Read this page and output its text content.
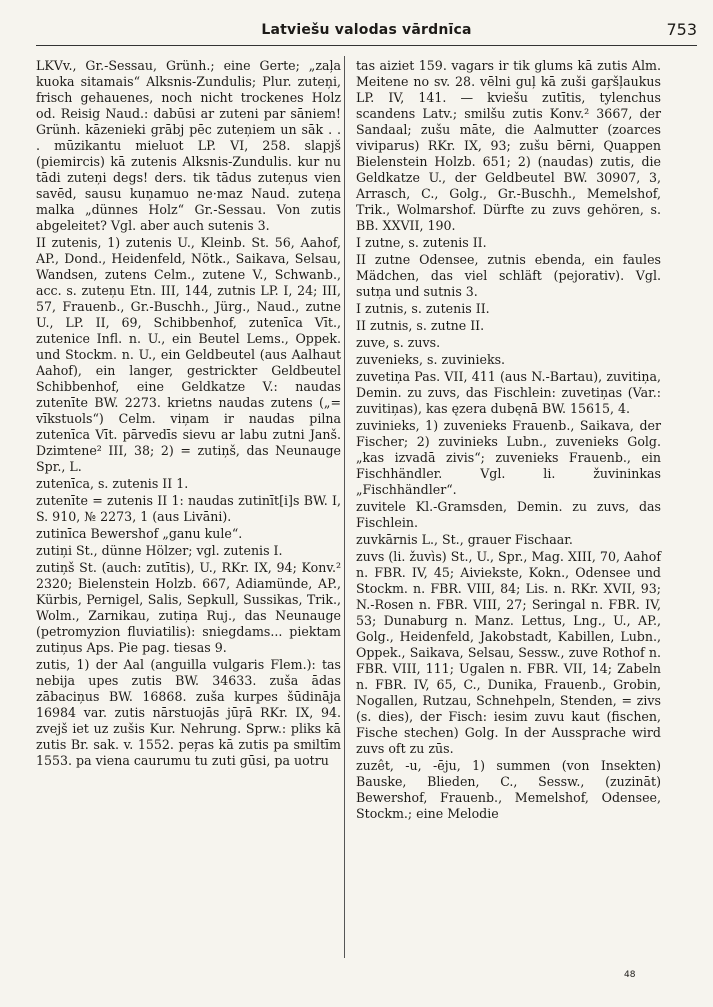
Latviešu valodas vārdnīca	753

LKVv., Gr.-Sessau, Grünh.; eine Gerte; „zaļa kuoka sitamais“ Alksnis-Zundulis; Plur. zuteņi, frisch gehauenes, noch nicht trockenes Holz od. Reisig Naud.: dabūsi ar zuteni par sāniem! Grünh. kāzenieki grābj pēc zuteņiem un sāk . . . mūzikantu mieluot LP. VI, 258. slapjš (piemircis) kā zutenis Alksnis-Zundulis. kur nu tādi zuteņi degs! ders. tik tādus zuteņus vien savēd, sausu kuņamuo ne·maz Naud. zuteņa malka „dünnes Holz“ Gr.-Sessau. Von zutis abgeleitet? Vgl. aber auch sutenis 3.

II zutenis, 1) zutenis U., Kleinb. St. 56, Aahof, AP., Dond., Heidenfeld, Nötk., Saikava, Selsau, Wandsen, zutens Celm., zutene V., Schwanb., acc. s. zuteņu Etn. III, 144, zutnis LP. I, 24; III, 57, Frauenb., Gr.-Buschh., Jürg., Naud., zutne U., LP. II, 69, Schibbenhof, zutenīca Vīt., zutenice Infl. n. U., ein Beutel Lems., Oppek. und Stockm. n. U., ein Geldbeutel (aus Aalhaut Aahof), ein langer, gestrickter Geldbeutel Schibbenhof, eine Geldkatze V.: naudas zutenīte BW. 2273. krietns naudas zutens („= vīkstuols“) Celm. viņam ir naudas pilna zutenīca Vīt. pārvedīs sievu ar labu zutni Janš. Dzimtene² III, 38; 2) = zutiņš, das Neunauge Spr., L.

zutenīca, s. zutenis II 1.

zutenīte = zutenis II 1: naudas zutinīt[i]s BW. I, S. 910, № 2273, 1 (aus Livāni).

zutinīca Bewershof „ganu kule“.

zutiņi St., dünne Hölzer; vgl. zutenis I.

zutiņš St. (auch: zutītis), U., RKr. IX, 94; Konv.² 2320; Bielenstein Holzb. 667, Adiamünde, AP., Kürbis, Pernigel, Salis, Sepkull, Sussikas, Trik., Wolm., Zarnikau, zutiņa Ruj., das Neunauge (petromyzion fluviatilis): sniegdams... piektam zutiņus Aps. Pie pag. tiesas 9.

zutis, 1) der Aal (anguilla vulgaris Flem.): tas nebija upes zutis BW. 34633. zuša ādas zābaciņus BW. 16868. zuša kurpes šūdināja 16984 var. zutis nārstuojās jūŗā RKr. IX, 94. zvejš iet uz zušis Kur. Nehrung. Sprw.: pliks kā zutis Br. sak. v. 1552. peŗas kā zutis pa smiltīm 1553. pa viena caurumu tu zuti gūsi, pa uotru

tas aiziet 159. vagars ir tik glums kā zutis Alm. Meitene no sv. 28. vēlni guļ kā zuši gaŗšļaukus LP. IV, 141. — kviešu zutītis, tylenchus scandens Latv.; smilšu zutis Konv.² 3667, der Sandaal; zušu māte, die Aalmutter (zoarces viviparus) RKr. IX, 93; zušu bērni, Quappen Bielenstein Holzb. 651; 2) (naudas) zutis, die Geldkatze U., der Geldbeutel BW. 30907, 3, Arrasch, C., Golg., Gr.-Buschh., Memelshof, Trik., Wolmarshof. Dürfte zu zuvs gehören, s. BB. XXVII, 190.

I zutne, s. zutenis II.

II zutne Odensee, zutnis ebenda, ein faules Mädchen, das viel schläft (pejorativ). Vgl. sutņa und sutnis 3.

I zutnis, s. zutenis II.

II zutnis, s. zutne II.

zuve, s. zuvs.

zuvenieks, s. zuvinieks.

zuvetiņa Pas. VII, 411 (aus N.-Bartau), zuvitiņa, Demin. zu zuvs, das Fischlein: zuvetiņas (Var.: zuvitiņas), kas ęzera dubęnā BW. 15615, 4.

zuvinieks, 1) zuvenieks Frauenb., Saikava, der Fischer; 2) zuvinieks Lubn., zuvenieks Golg. „kas izvadā zivis“; zuvenieks Frauenb., ein Fischhändler. Vgl. li. žuvininkas „Fischhändler“.

zuvitele Kl.-Gramsden, Demin. zu zuvs, das Fischlein.

zuvkārnis L., St., grauer Fischaar.

zuvs (li. žuvìs) St., U., Spr., Mag. XIII, 70, Aahof n. FBR. IV, 45; Aiviekste, Kokn., Odensee und Stockm. n. FBR. VIII, 84; Lis. n. RKr. XVII, 93; N.-Rosen n. FBR. VIII, 27; Seringal n. FBR. IV, 53; Dunaburg n. Manz. Lettus, Lng., U., AP., Golg., Heidenfeld, Jakobstadt, Kabillen, Lubn., Oppek., Saikava, Selsau, Sessw., zuve Rothof n. FBR. VIII, 111; Ugalen n. FBR. VII, 14; Zabeln n. FBR. IV, 65, C., Dunika, Frauenb., Grobin, Nogallen, Rutzau, Schnehpeln, Stenden, = zivs (s. dies), der Fisch: iesim zuvu kaut (fischen, Fische stechen) Golg. In der Aussprache wird zuvs oft zu zūs.

zuzêt, -u, -ēju, 1) summen (von Insekten) Bauske, Blieden, C., Sessw., (zuzināt) Bewershof, Frauenb., Memelshof, Odensee, Stockm.; eine Melodie

48
